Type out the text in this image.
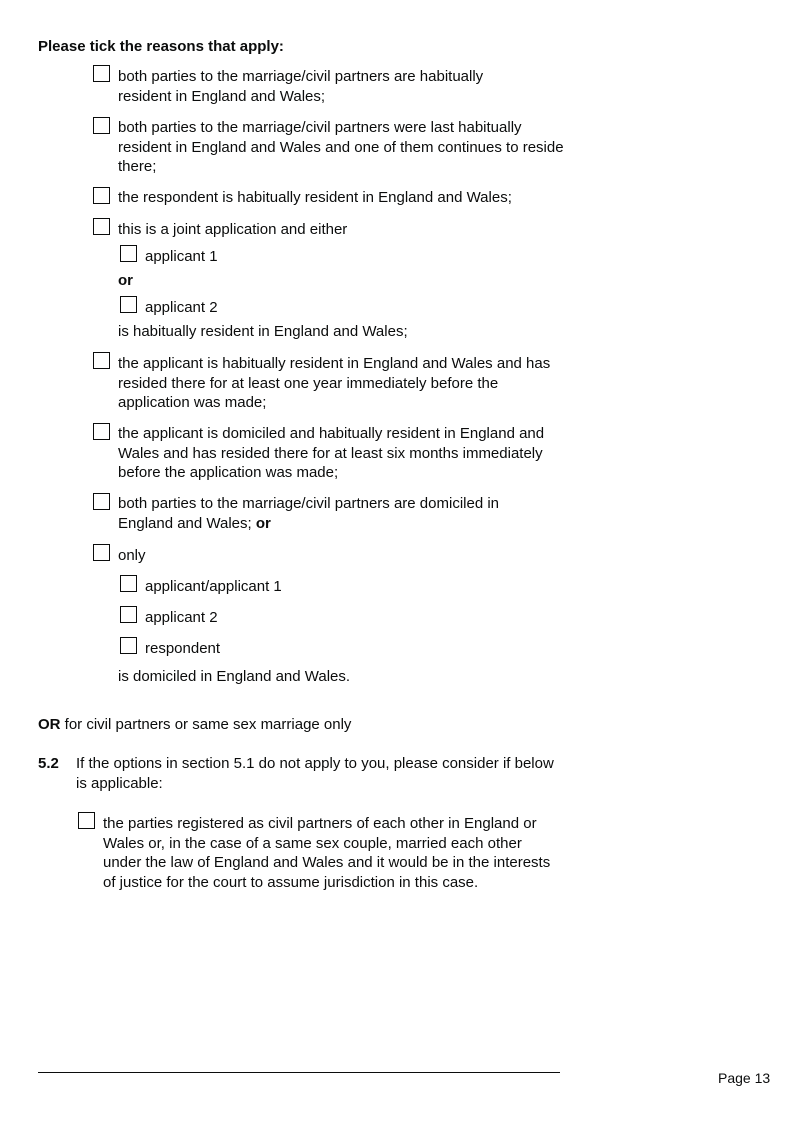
Please tick the reasons that apply:
both parties to the marriage/civil partners are habitually resident in England and Wales;
both parties to the marriage/civil partners were last habitually resident in England and Wales and one of them continues to reside there;
the respondent is habitually resident in England and Wales;
this is a joint application and either
applicant 1
or
applicant 2
is habitually resident in England and Wales;
the applicant is habitually resident in England and Wales and has resided there for at least one year immediately before the application was made;
the applicant is domiciled and habitually resident in England and Wales and has resided there for at least six months immediately before the application was made;
both parties to the marriage/civil partners are domiciled in England and Wales; or
only
applicant/applicant 1
applicant 2
respondent
is domiciled in England and Wales.
OR for civil partners or same sex marriage only
5.2 If the options in section 5.1 do not apply to you, please consider if below is applicable:
the parties registered as civil partners of each other in England or Wales or, in the case of a same sex couple, married each other under the law of England and Wales and it would be in the interests of justice for the court to assume jurisdiction in this case.
Page 13
